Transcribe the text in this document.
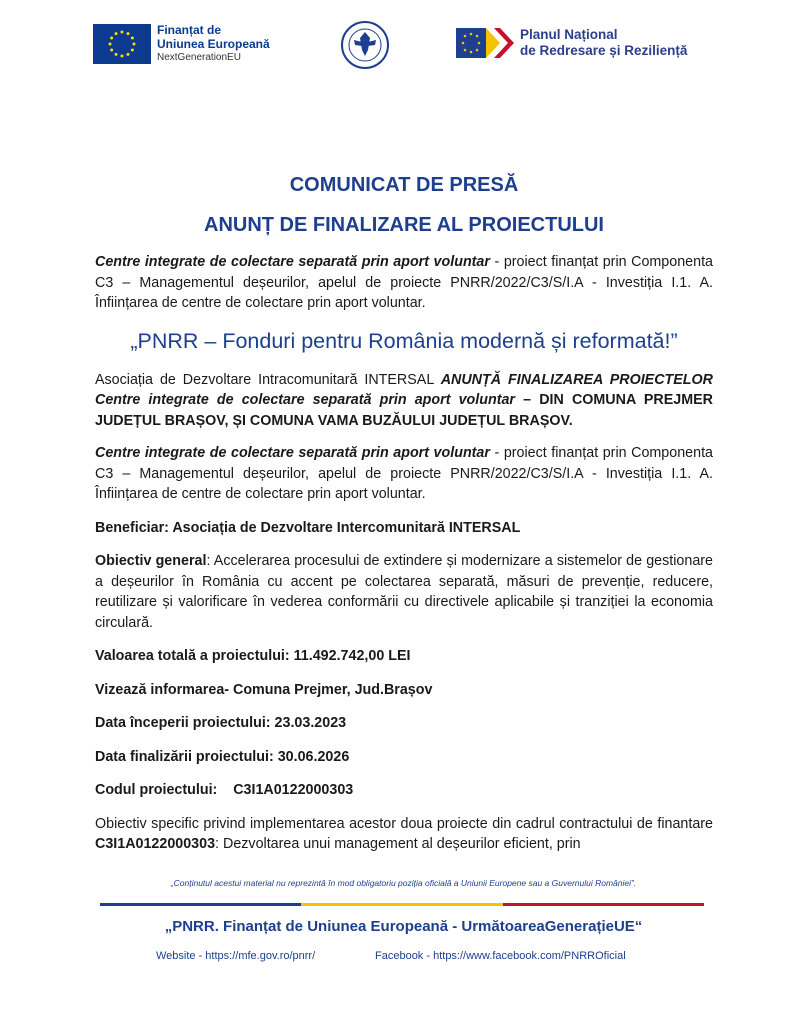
Finanțat de
Uniunea Europeană
NextGenerationEU
Planul Național
de Redresare și Reziliență
COMUNICAT DE PRESĂ
ANUNȚ DE FINALIZARE AL PROIECTULUI

Centre integrate de colectare separată prin aport voluntar - proiect finanțat prin Componenta C3 – Managementul deșeurilor, apelul de proiecte PNRR/2022/C3/S/I.A - Investiția I.1. A. Înființarea de centre de colectare prin aport voluntar.

„PNRR – Fonduri pentru România modernă și reformată!”

Asociația de Dezvoltare Intracomunitară INTERSAL ANUNȚĂ FINALIZAREA PROIECTELOR Centre integrate de colectare separată prin aport voluntar – DIN COMUNA PREJMER JUDEȚUL BRAȘOV, ȘI COMUNA VAMA BUZĂULUI JUDEȚUL BRAȘOV.

Centre integrate de colectare separată prin aport voluntar - proiect finanțat prin Componenta C3 – Managementul deșeurilor, apelul de proiecte PNRR/2022/C3/S/I.A - Investiția I.1. A. Înființarea de centre de colectare prin aport voluntar.

Beneficiar: Asociația de Dezvoltare Intercomunitară INTERSAL

Obiectiv general: Accelerarea procesului de extindere și modernizare a sistemelor de gestionare a deșeurilor în România cu accent pe colectarea separată, măsuri de prevenție, reducere, reutilizare și valorificare în vederea conformării cu directivele aplicabile și tranziției la economia circulară.

Valoarea totală a proiectului: 11.492.742,00 LEI

Vizează informarea- Comuna Prejmer, Jud.Brașov

Data începerii proiectului: 23.03.2023

Data finalizării proiectului: 30.06.2026

Codul proiectului:    C3I1A0122000303

Obiectiv specific privind implementarea acestor doua proiecte din cadrul contractului de finantare C3I1A0122000303: Dezvoltarea unui management al deșeurilor eficient, prin

„Conținutul acestui material nu reprezintă în mod obligatoriu poziția oficială a Uniunii Europene sau a Guvernului României”.
„PNRR. Finanțat de Uniunea Europeană - UrmătoareaGenerațieUE“
Website - https://mfe.gov.ro/pnrr/	Facebook - https://www.facebook.com/PNRROficial
